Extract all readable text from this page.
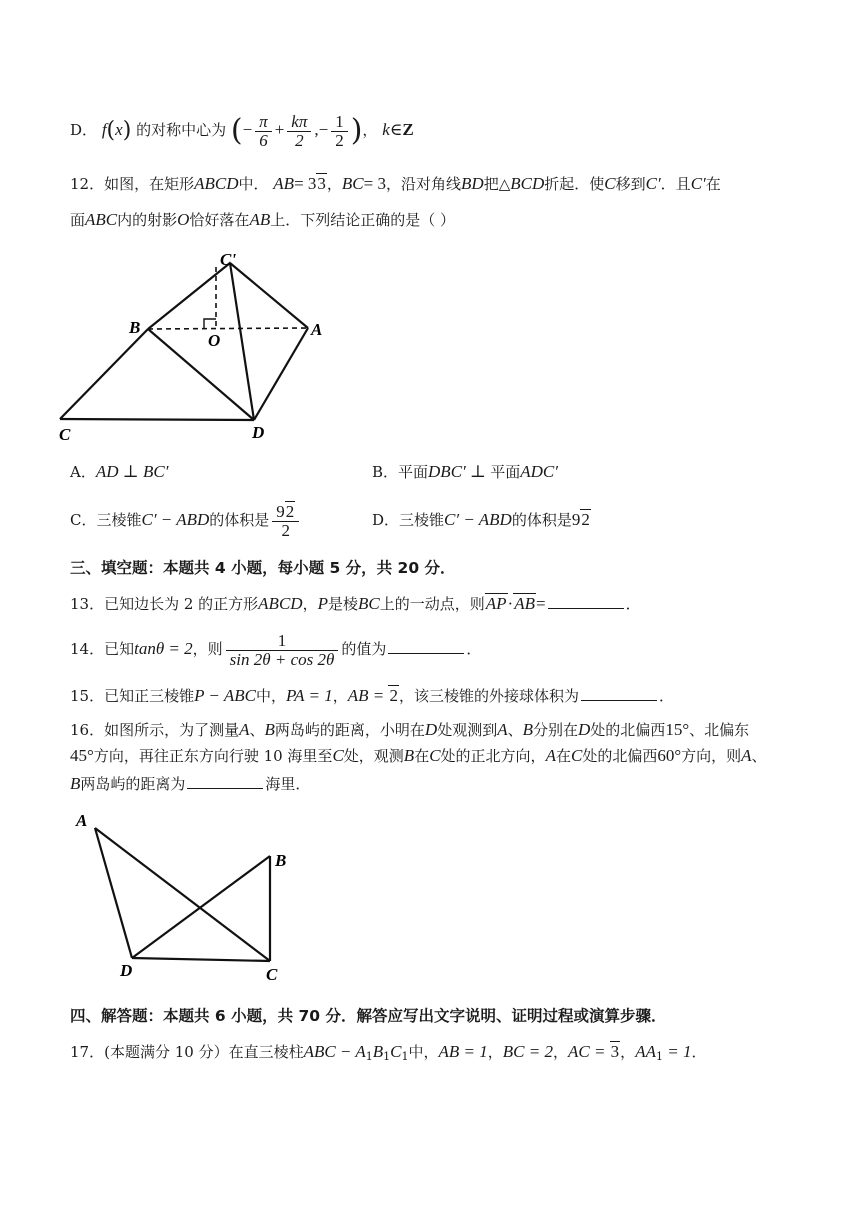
D． f(x) 的对称中心为 (− $\frac{\pi}{6} + \frac{k\pi}{2}$ ,− $\frac{1}{2}$ )， k∈Z
12．如图，在矩形ABCD中． AB= 33，BC= 3，沿对角线BD把△BCD折起．使C移到C′．且C′在
面ABC内的射影O恰好落在AB上．下列结论正确的是（ ）
C'
B	A
O
C	D
A．AD ⊥ BC′	B．平面DBC′ ⊥ 平面ADC′
C．三棱锥C′ − ABD的体积是 $\frac{92}{2}$	D．三棱锥C′ − ABD的体积是92
三、填空题：本题共 4 小题，每小题 5 分，共 20 分．
13．已知边长为 2 的正方形ABCD，P是棱BC上的一动点，则AP·AB=	．
14．已知tanθ = 2，则 $\frac{1}{\sin 2\theta + \cos 2\theta}$ 的值为	．
15．已知正三棱锥P − ABC中，PA = 1，AB = 2，该三棱锥的外接球体积为	．
16．如图所示，为了测量A、B两岛屿的距离，小明在D处观测到A、B分别在D处的北偏西15°、北偏东
45°方向，再往正东方向行驶 10 海里至C处，观测B在C处的正北方向，A在C处的北偏西60°方向，则A、
B两岛屿的距离为	海里．
A
B
C
D
四、解答题：本题共 6 小题，共 70 分．解答应写出文字说明、证明过程或演算步骤．
17．(本题满分 10 分）在直三棱柱ABC − $A_1B_1C_1$中，AB = 1，BC = 2，AC = 3，$AA_1 = 1$．
